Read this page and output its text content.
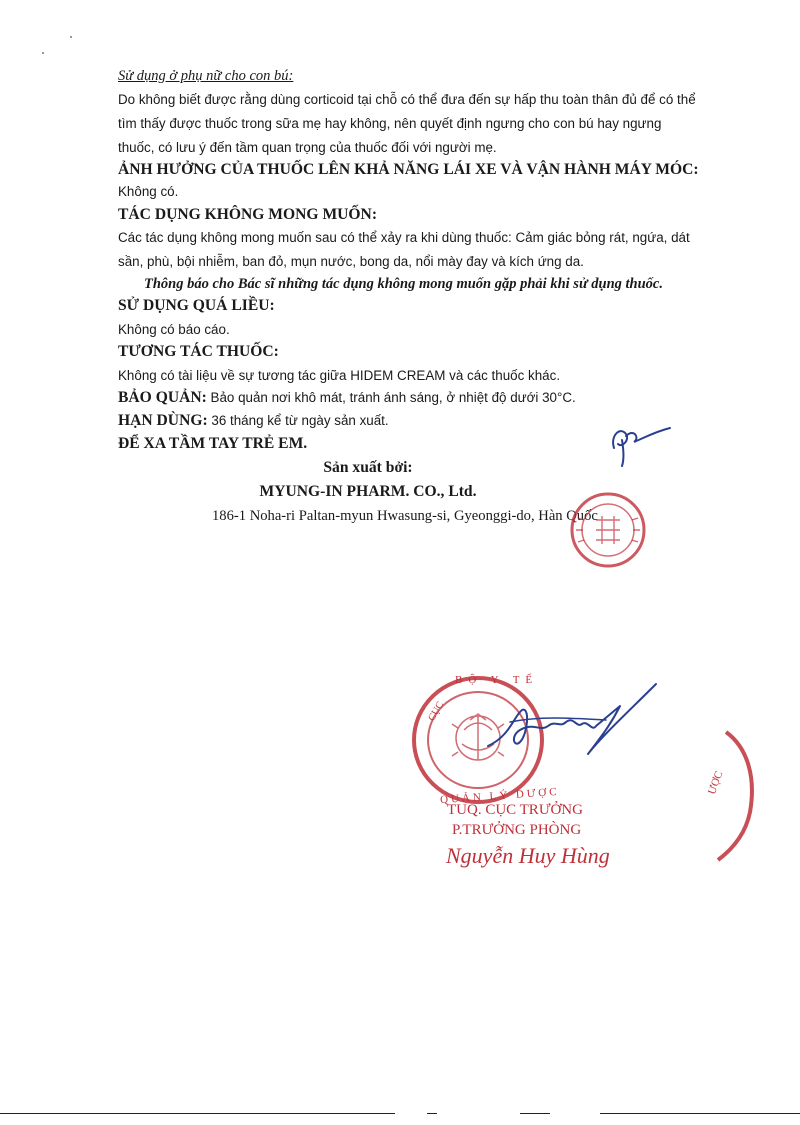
Sử dụng ở phụ nữ cho con bú:
Do không biết được rằng dùng corticoid tại chỗ có thể đưa đến sự hấp thu toàn thân đủ để có thể
tìm thấy được thuốc trong sữa mẹ hay không, nên quyết định ngưng cho con bú hay ngưng
thuốc, có lưu ý đến tầm quan trọng của thuốc đối với người mẹ.
ẢNH HƯỞNG CỦA THUỐC LÊN KHẢ NĂNG LÁI XE VÀ VẬN HÀNH MÁY MÓC:
Không có.
TÁC DỤNG KHÔNG MONG MUỐN:
Các tác dụng không mong muốn sau có thể xảy ra khi dùng thuốc: Cảm giác bỏng rát, ngứa, dát
sần, phù, bội nhiễm, ban đỏ, mụn nước, bong da, nổi mày đay và kích ứng da.
Thông báo cho Bác sĩ những tác dụng không mong muốn gặp phải khi sử dụng thuốc.
SỬ DỤNG QUÁ LIỀU:
Không có báo cáo.
TƯƠNG TÁC THUỐC:
Không có tài liệu về sự tương tác giữa HIDEM CREAM và các thuốc khác.
BẢO QUẢN: Bảo quản nơi khô mát, tránh ánh sáng, ở nhiệt độ dưới 30°C.
HẠN DÙNG: 36 tháng kể từ ngày sản xuất.
ĐỂ XA TẦM TAY TRẺ EM.
Sản xuất bởi:
MYUNG-IN PHARM. CO., Ltd.
186-1 Noha-ri Paltan-myun Hwasung-si, Gyeonggi-do, Hàn Quốc
BỘ Y TẾ
CỤC
QUẢN LÝ DƯỢC	ƯỢC
TUQ. CỤC TRƯỞNG
P.TRƯỞNG PHÒNG
Nguyễn Huy Hùng
